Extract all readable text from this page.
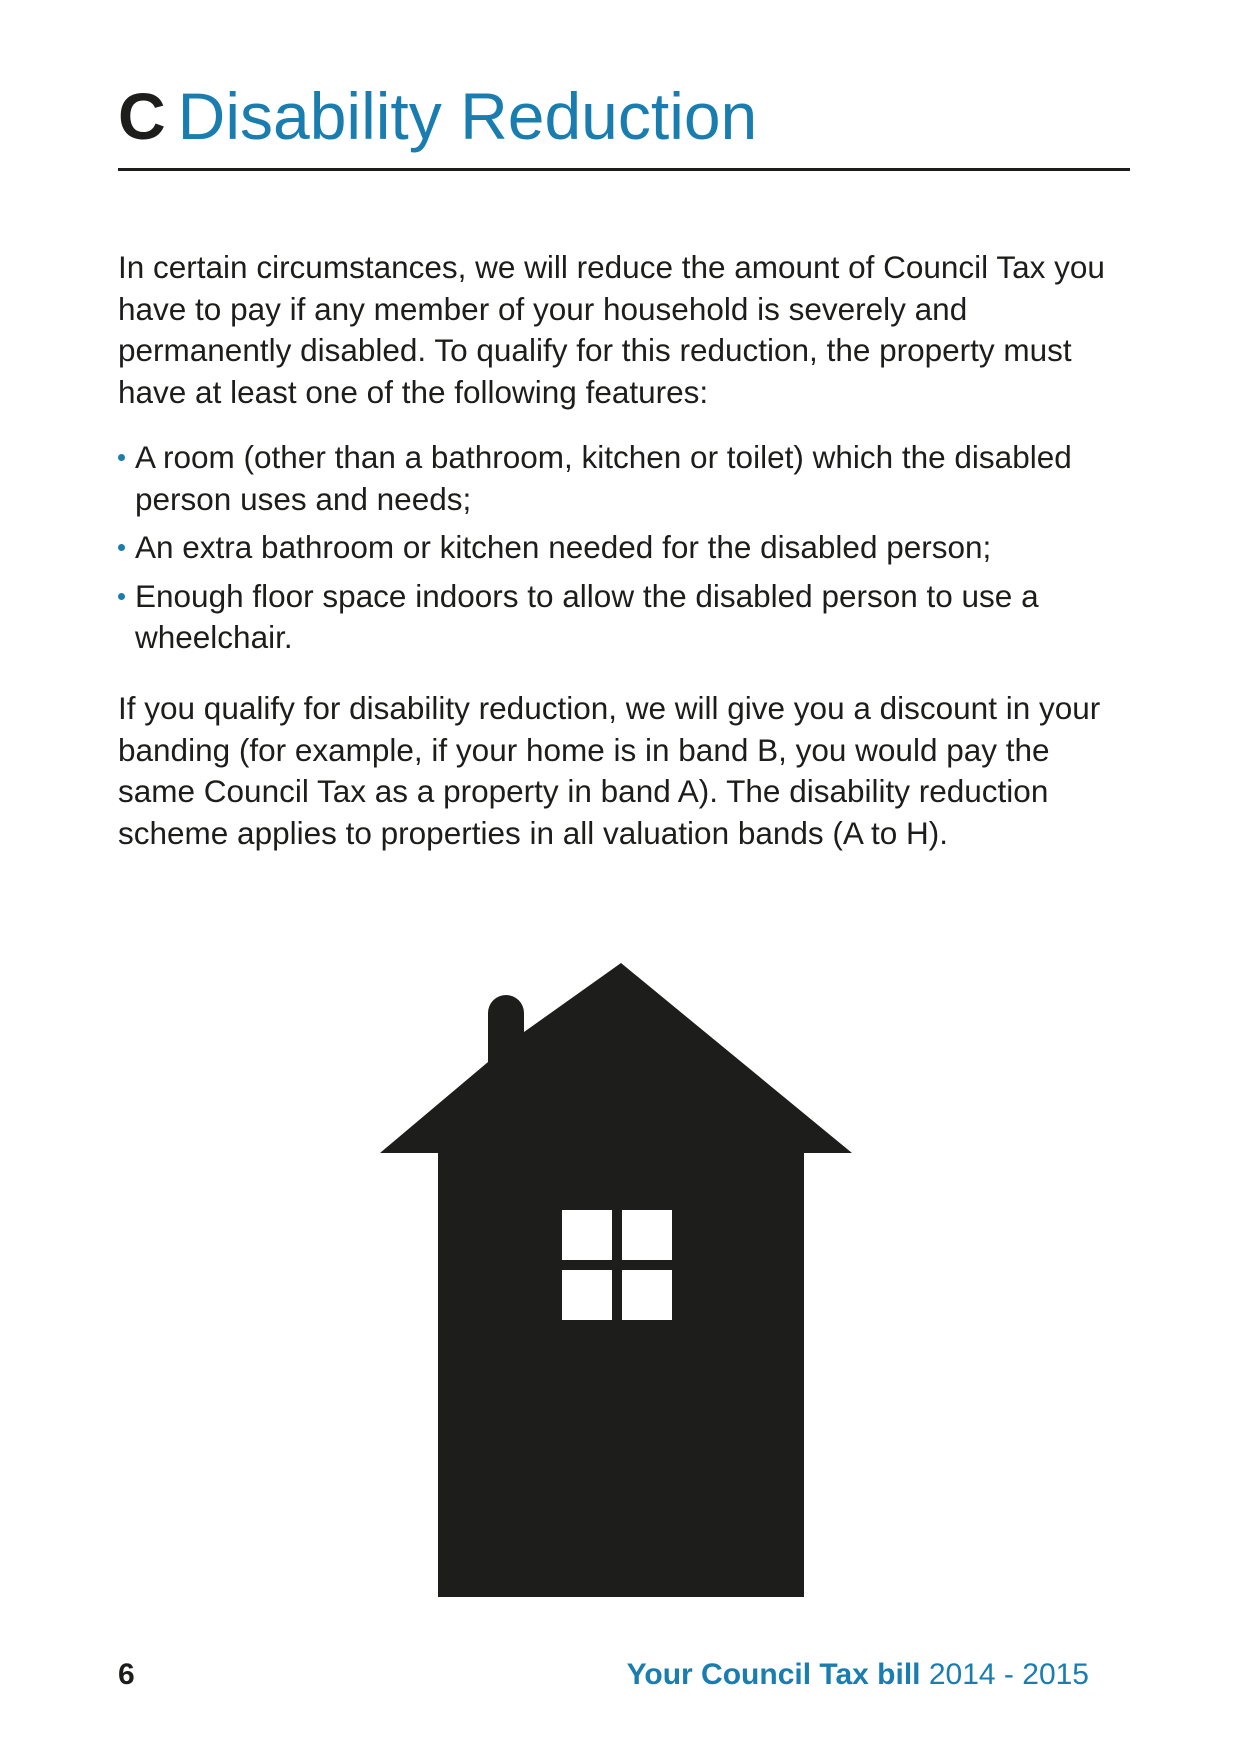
C Disability Reduction

In certain circumstances, we will reduce the amount of Council Tax you have to pay if any member of your household is severely and permanently disabled. To qualify for this reduction, the property must have at least one of the following features:

A room (other than a bathroom, kitchen or toilet) which the disabled person uses and needs;
An extra bathroom or kitchen needed for the disabled person;
Enough floor space indoors to allow the disabled person to use a wheelchair.

If you qualify for disability reduction, we will give you a discount in your banding (for example, if your home is in band B, you would pay the same Council Tax as a property in band A). The disability reduction scheme applies to properties in all valuation bands (A to H).

6	Your Council Tax bill 2014 - 2015
